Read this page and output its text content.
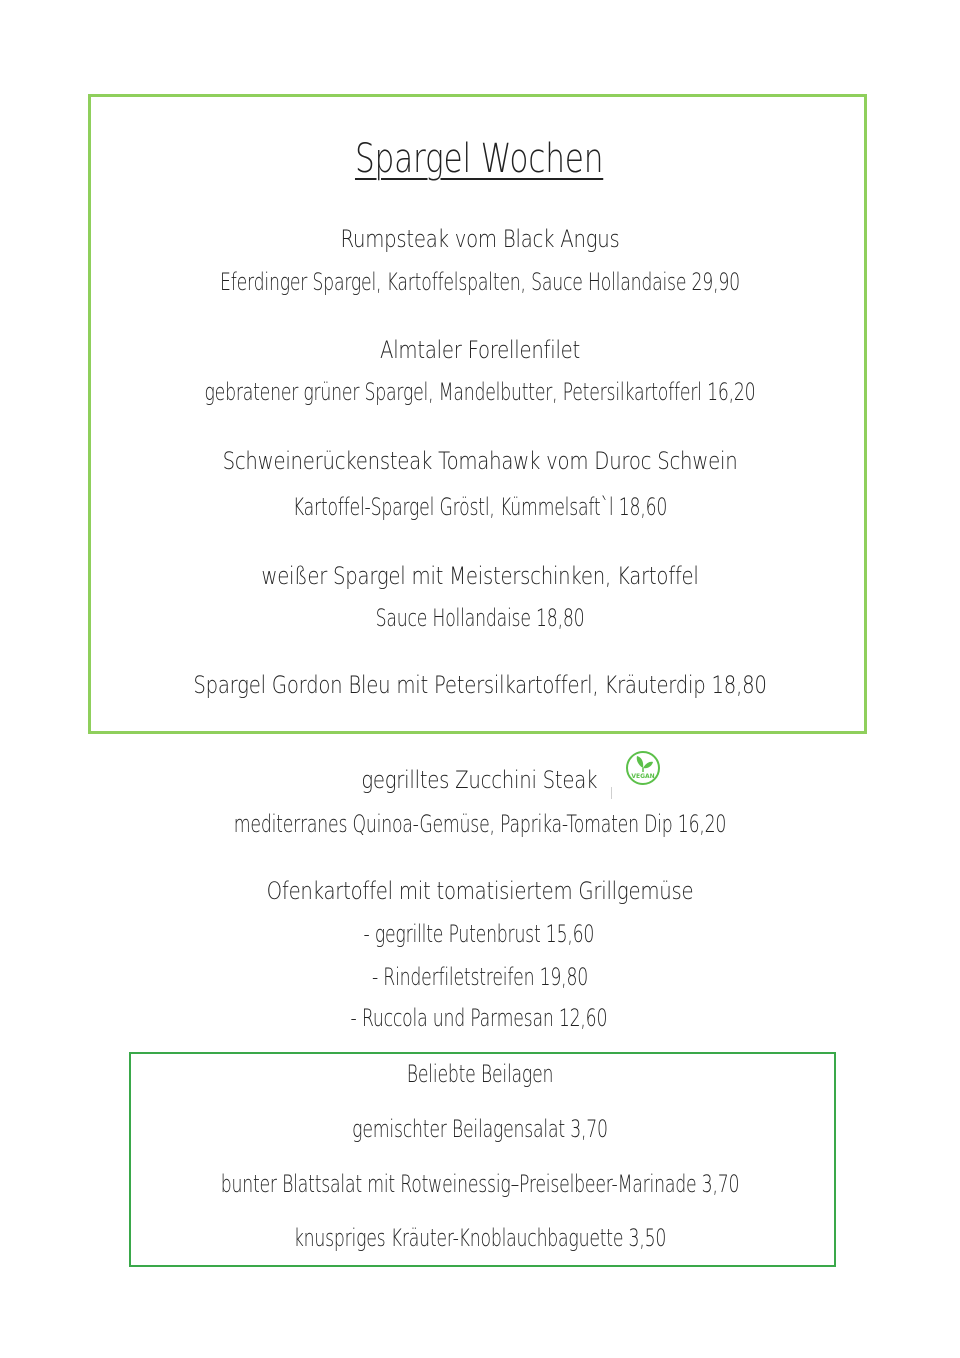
Spargel Wochen
Rumpsteak vom Black Angus
Eferdinger Spargel, Kartoffelspalten, Sauce Hollandaise 29,90
Almtaler Forellenfilet
gebratener grüner Spargel, Mandelbutter, Petersilkartofferl 16,20
Schweinerückensteak Tomahawk vom Duroc Schwein
Kartoffel-Spargel Gröstl, Kümmelsaft`l 18,60
weißer Spargel mit Meisterschinken, Kartoffel
Sauce Hollandaise 18,80
Spargel Gordon Bleu mit Petersilkartofferl, Kräuterdip 18,80
gegrilltes Zucchini Steak	VEGAN
mediterranes Quinoa-Gemüse, Paprika-Tomaten Dip 16,20
Ofenkartoffel mit tomatisiertem Grillgemüse
- gegrillte Putenbrust 15,60
- Rinderfiletstreifen 19,80
- Ruccola und Parmesan 12,60
Beliebte Beilagen
gemischter Beilagensalat 3,70
bunter Blattsalat mit Rotweinessig–Preiselbeer-Marinade 3,70
knuspriges Kräuter-Knoblauchbaguette 3,50
